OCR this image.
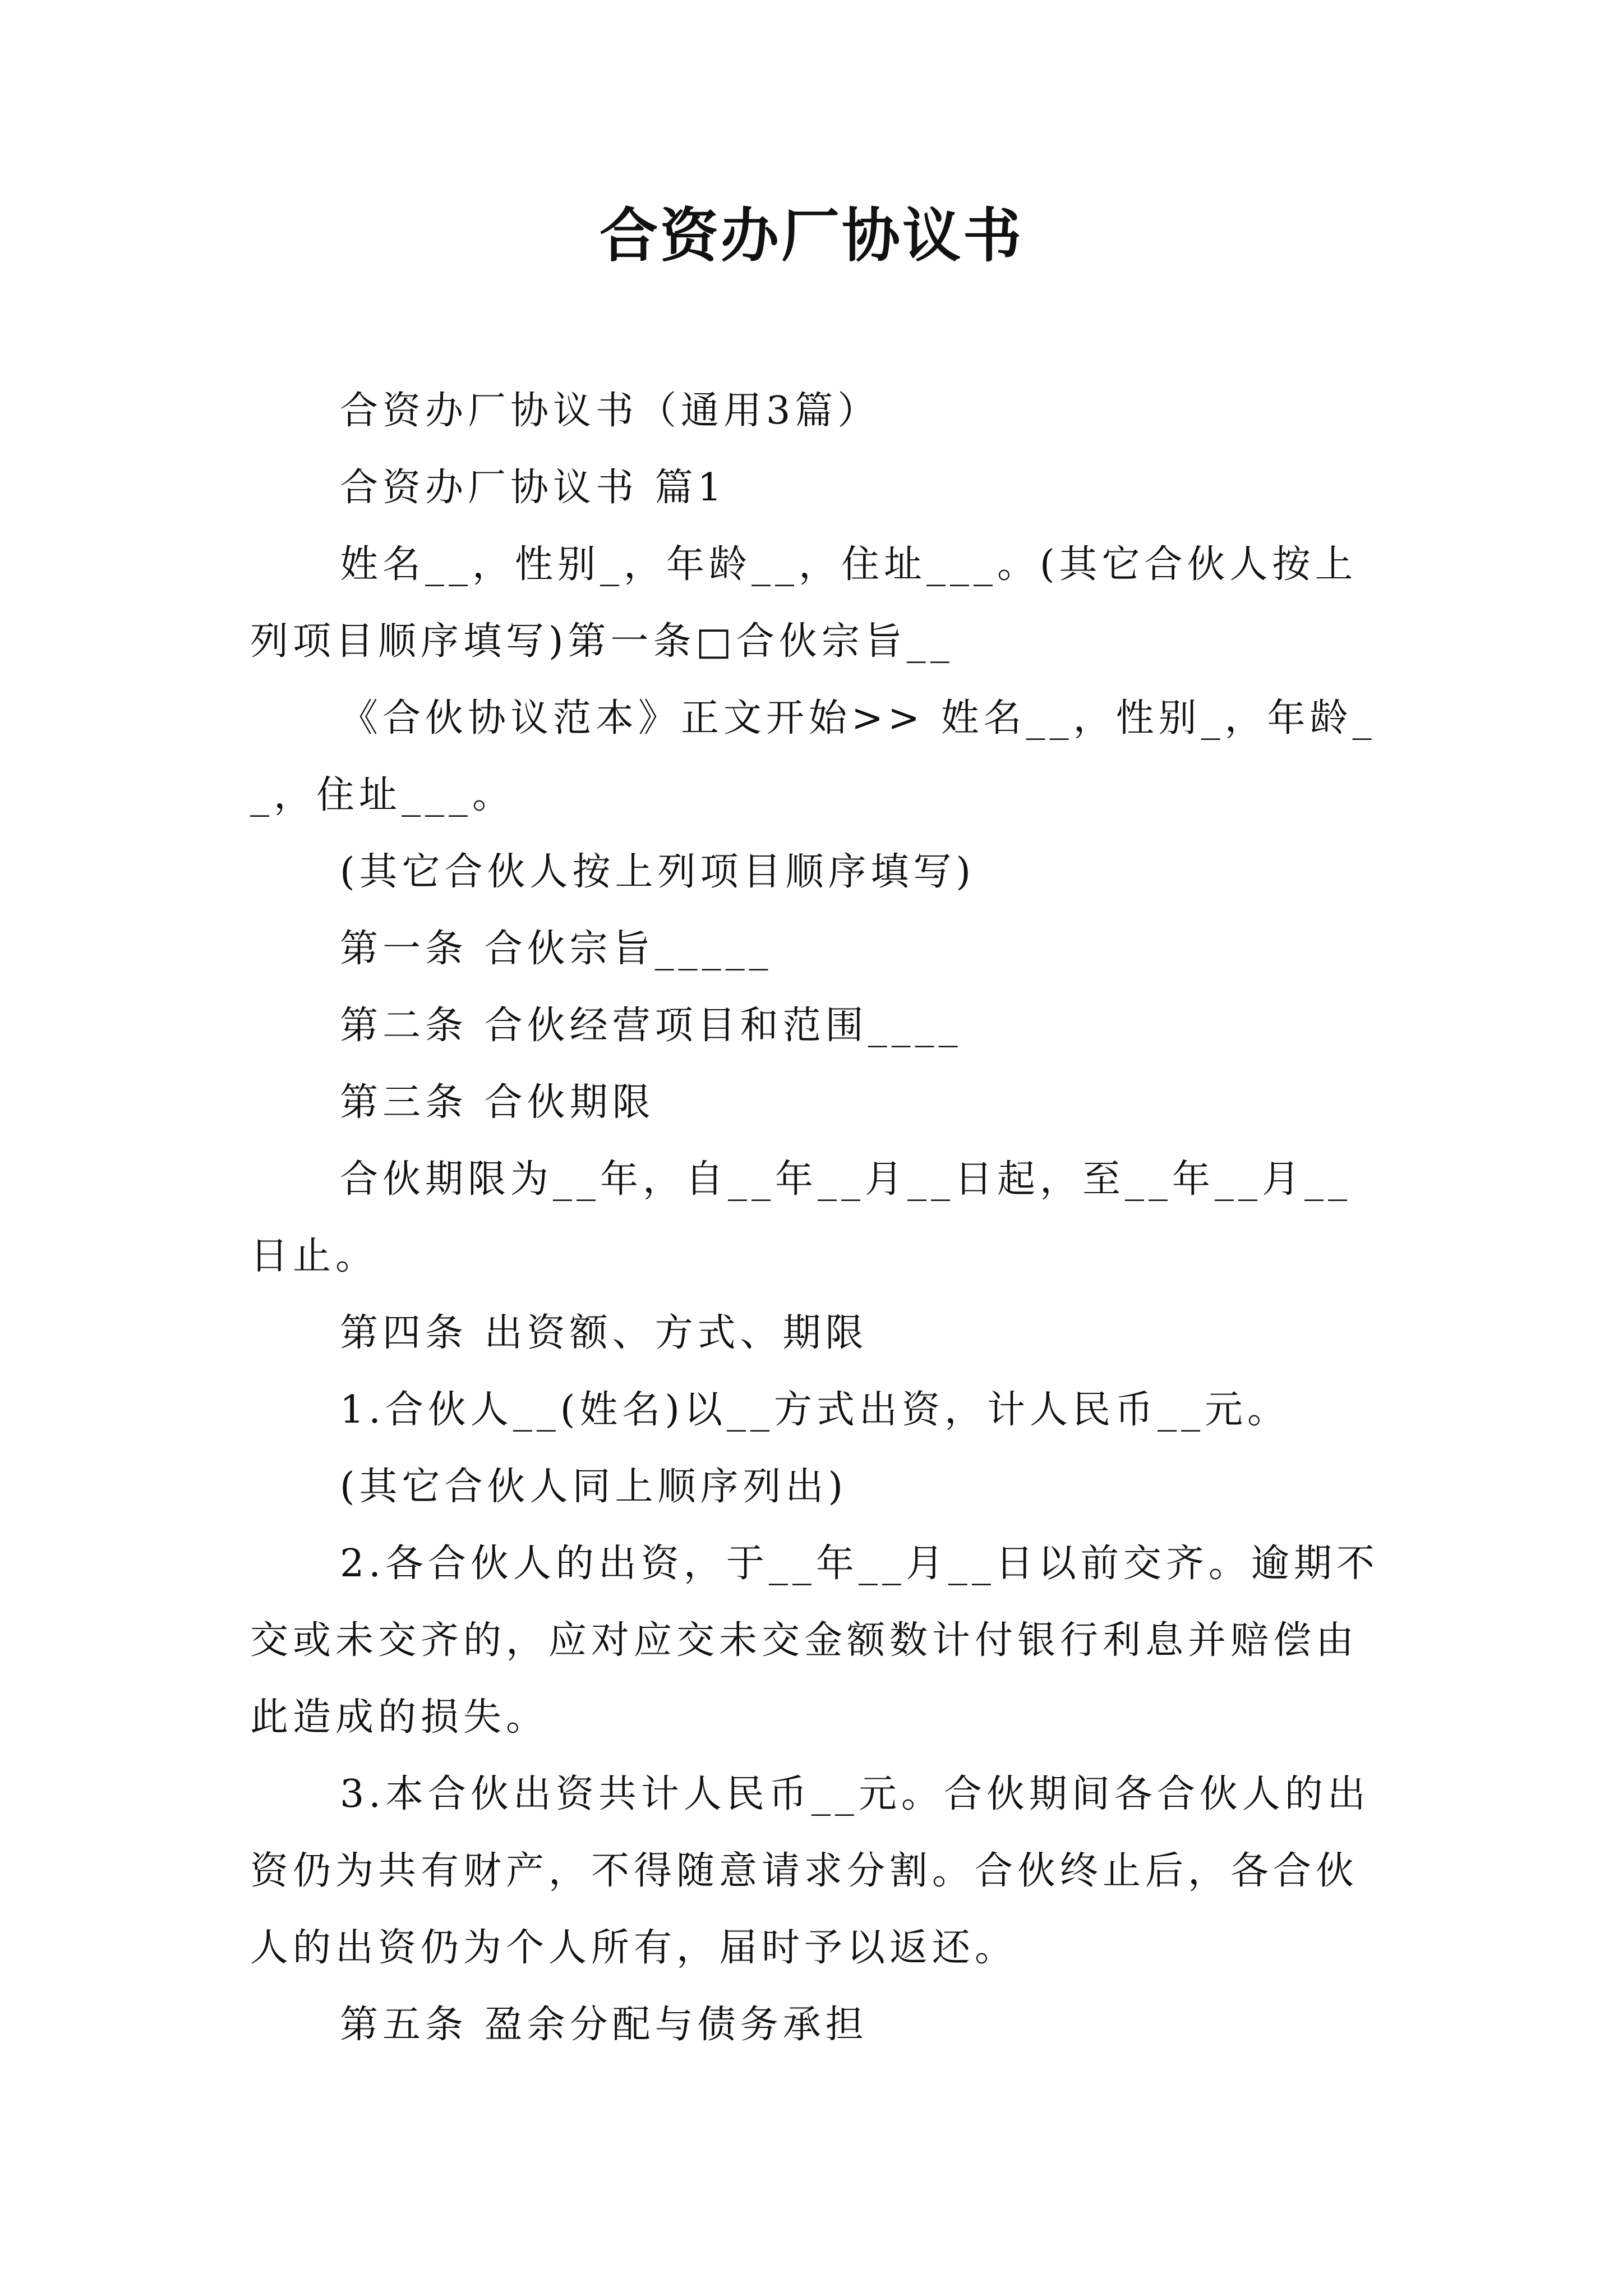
合资办厂协议书

合资办厂协议书（通用3篇）

合资办厂协议书 篇1

姓名__，性别_，年龄__，住址___。(其它合伙人按上列项目顺序填写)第一条□合伙宗旨__

《合伙协议范本》正文开始>> 姓名__，性别_，年龄__，住址___。

(其它合伙人按上列项目顺序填写)

第一条 合伙宗旨_____

第二条 合伙经营项目和范围____

第三条 合伙期限

合伙期限为__年，自__年__月__日起，至__年__月__日止。

第四条 出资额、方式、期限

1.合伙人__(姓名)以__方式出资，计人民币__元。

(其它合伙人同上顺序列出)

2.各合伙人的出资，于__年__月__日以前交齐。逾期不交或未交齐的，应对应交未交金额数计付银行利息并赔偿由此造成的损失。

3.本合伙出资共计人民币__元。合伙期间各合伙人的出资仍为共有财产，不得随意请求分割。合伙终止后，各合伙人的出资仍为个人所有，届时予以返还。

第五条 盈余分配与债务承担
